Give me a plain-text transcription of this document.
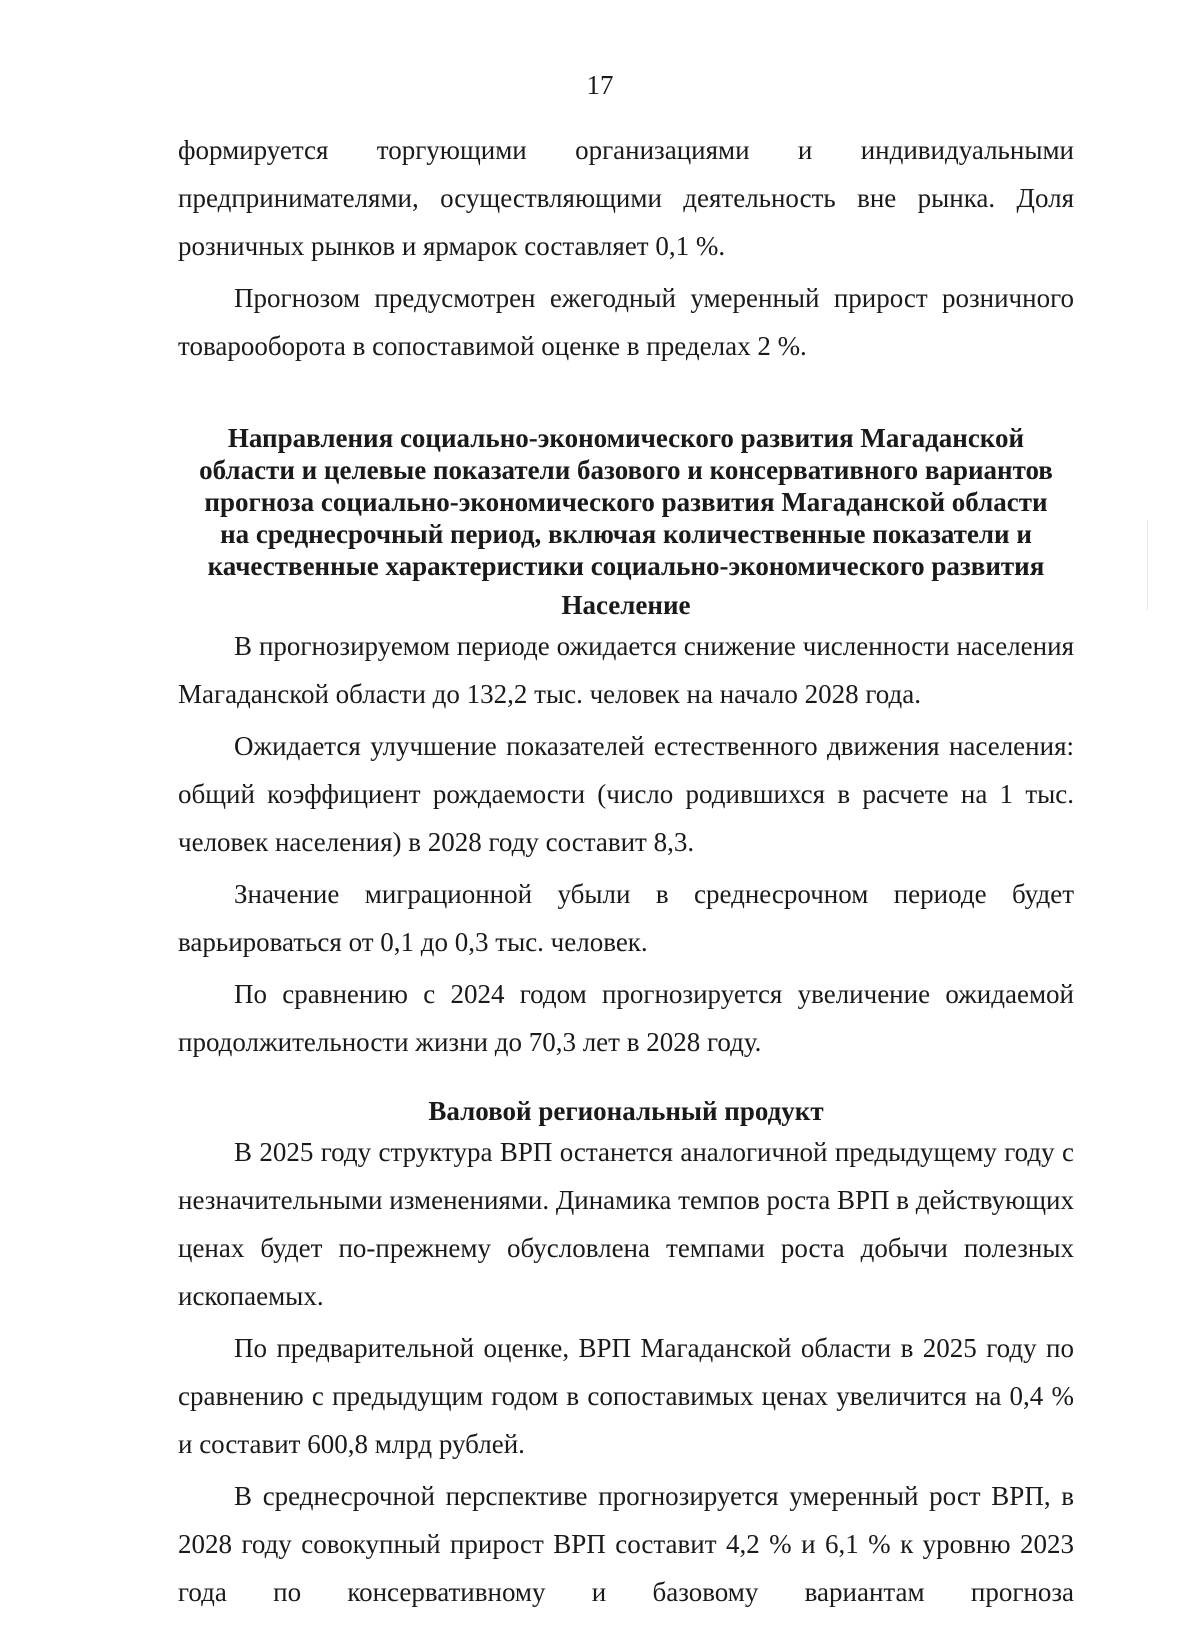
17

формируется торгующими организациями и индивидуальными предпринимателями, осуществляющими деятельность вне рынка. Доля розничных рынков и ярмарок составляет 0,1 %.

Прогнозом предусмотрен ежегодный умеренный прирост розничного товарооборота в сопоставимой оценке в пределах 2 %.

Направления социально-экономического развития Магаданской
области и целевые показатели базового и консервативного вариантов
прогноза социально-экономического развития Магаданской области
на среднесрочный период, включая количественные показатели и
качественные характеристики социально-экономического развития
Население

В прогнозируемом периоде ожидается снижение численности населения Магаданской области до 132,2 тыс. человек на начало 2028 года.

Ожидается улучшение показателей естественного движения населения: общий коэффициент рождаемости (число родившихся в расчете на 1 тыс. человек населения) в 2028 году составит 8,3.

Значение миграционной убыли в среднесрочном периоде будет варьироваться от 0,1 до 0,3 тыс. человек.

По сравнению с 2024 годом прогнозируется увеличение ожидаемой продолжительности жизни до 70,3 лет в 2028 году.

Валовой региональный продукт

В 2025 году структура ВРП останется аналогичной предыдущему году с незначительными изменениями. Динамика темпов роста ВРП в действующих ценах будет по-прежнему обусловлена темпами роста добычи полезных ископаемых.

По предварительной оценке, ВРП Магаданской области в 2025 году по сравнению с предыдущим годом в сопоставимых ценах увеличится на 0,4 % и составит 600,8 млрд рублей.

В среднесрочной перспективе прогнозируется умеренный рост ВРП, в 2028 году совокупный прирост ВРП составит 4,2 % и 6,1 % к уровню 2023 года по консервативному и базовому вариантам прогноза
